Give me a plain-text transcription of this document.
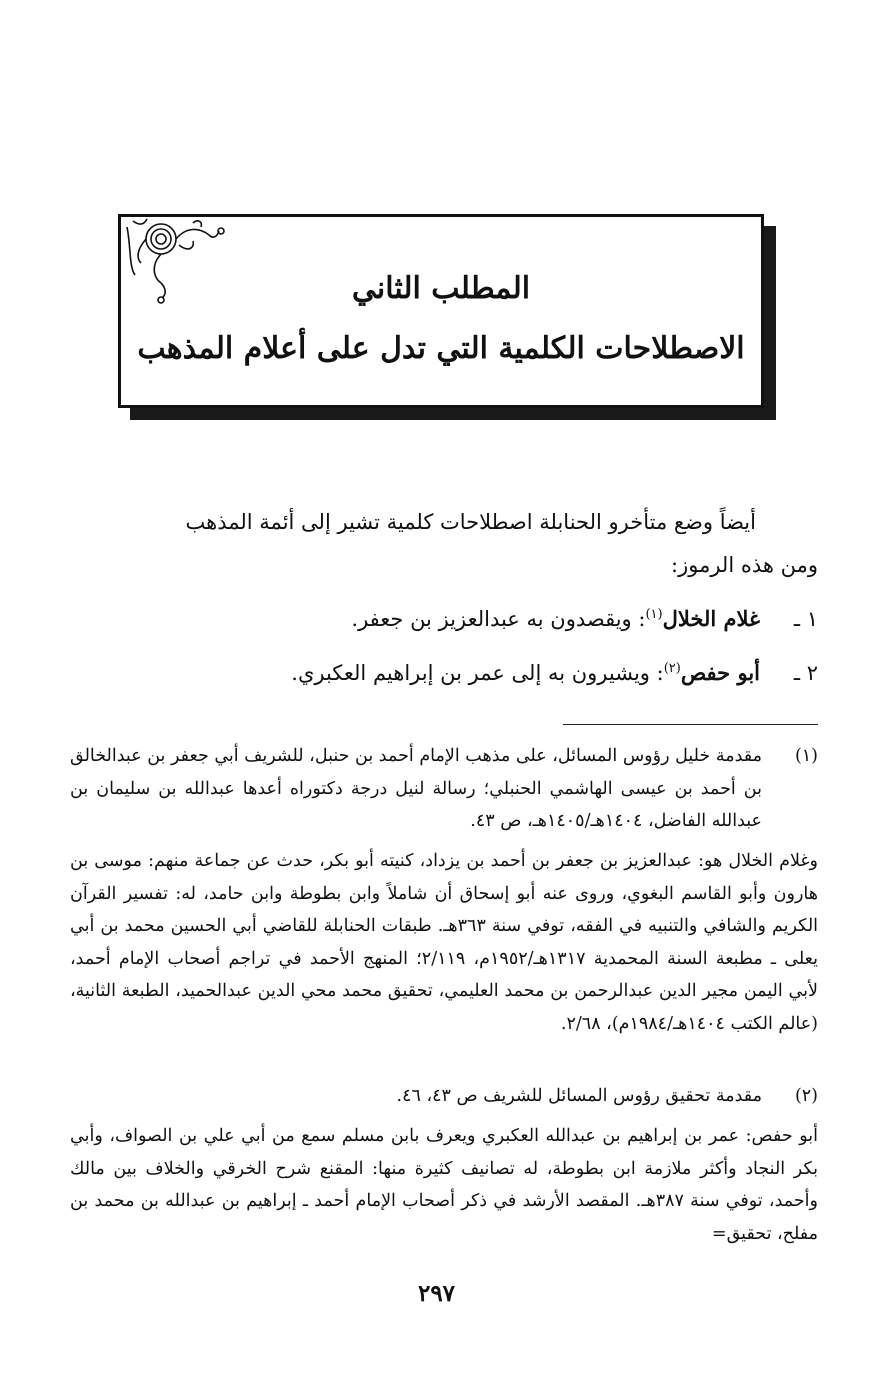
المطلب الثاني
الاصطلاحات الكلمية التي تدل على أعلام المذهب
أيضاً وضع متأخرو الحنابلة اصطلاحات كلمية تشير إلى أئمة المذهب
ومن هذه الرموز:
١ ـغلام الخلال$^{(١)}$: ويقصدون به عبدالعزيز بن جعفر.
٢ ـأبو حفص$^{(٢)}$: ويشيرون به إلى عمر بن إبراهيم العكبري.
(١)
مقدمة خليل رؤوس المسائل، على مذهب الإمام أحمد بن حنبل، للشريف أبي جعفر بن عبدالخالق بن أحمد بن عيسى الهاشمي الحنبلي؛ رسالة لنيل درجة دكتوراه أعدها عبدالله بن سليمان بن عبدالله الفاضل، ١٤٠٤هـ/١٤٠٥هـ، ص ٤٣.
وغلام الخلال هو: عبدالعزيز بن جعفر بن أحمد بن يزداد، كنيته أبو بكر، حدث عن جماعة منهم: موسى بن هارون وأبو القاسم البغوي، وروى عنه أبو إسحاق أن شاملاً وابن بطوطة وابن حامد، له: تفسير القرآن الكريم والشافي والتنبيه في الفقه، توفي سنة ٣٦٣هـ. طبقات الحنابلة للقاضي أبي الحسين محمد بن أبي يعلى ـ مطبعة السنة المحمدية ١٣١٧هـ/١٩٥٢م، ٢/١١٩؛ المنهج الأحمد في تراجم أصحاب الإمام أحمد، لأبي اليمن مجير الدين عبدالرحمن بن محمد العليمي، تحقيق محمد محي الدين عبدالحميد، الطبعة الثانية، (عالم الكتب ١٤٠٤هـ/١٩٨٤م)، ٢/٦٨.
(٢)
مقدمة تحقيق رؤوس المسائل للشريف ص ٤٣، ٤٦.
أبو حفص: عمر بن إبراهيم بن عبدالله العكبري ويعرف بابن مسلم سمع من أبي علي بن الصواف، وأبي بكر النجاد وأكثر ملازمة ابن بطوطة، له تصانيف كثيرة منها: المقنع شرح الخرقي والخلاف بين مالك وأحمد، توفي سنة ٣٨٧هـ. المقصد الأرشد في ذكر أصحاب الإمام أحمد ـ إبراهيم بن عبدالله بن محمد بن مفلح، تحقيق=
٢٩٧
